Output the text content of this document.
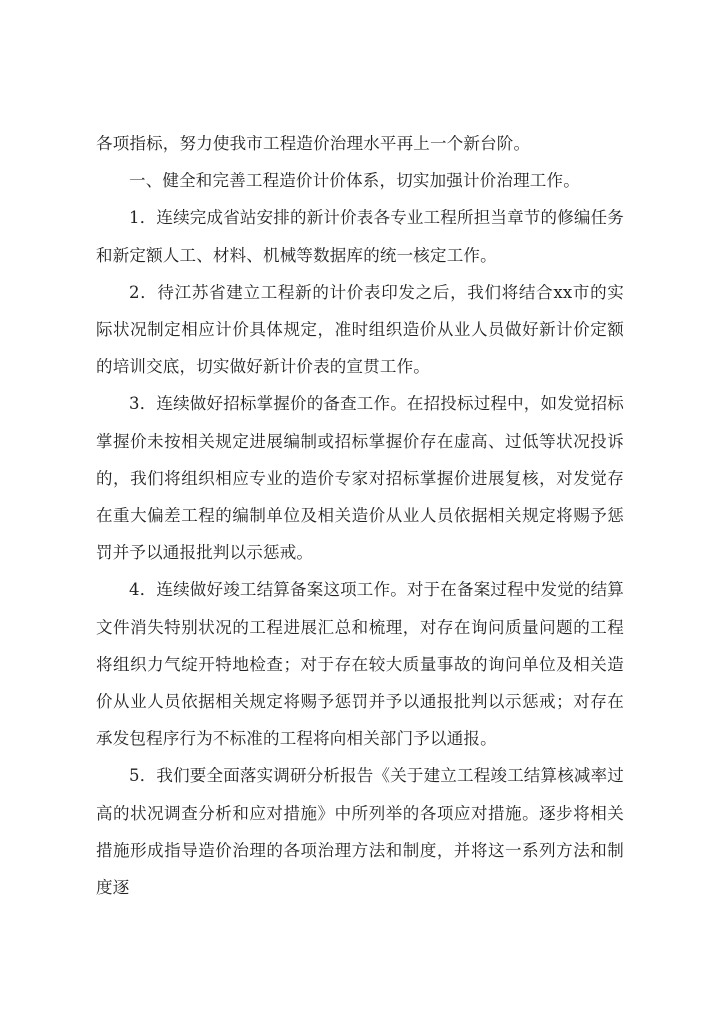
各项指标，努力使我市工程造价治理水平再上一个新台阶。

一、健全和完善工程造价计价体系，切实加强计价治理工作。

1．连续完成省站安排的新计价表各专业工程所担当章节的修编任务和新定额人工、材料、机械等数据库的统一核定工作。

2．待江苏省建立工程新的计价表印发之后，我们将结合xx市的实际状况制定相应计价具体规定，准时组织造价从业人员做好新计价定额的培训交底，切实做好新计价表的宣贯工作。

3．连续做好招标掌握价的备查工作。在招投标过程中，如发觉招标掌握价未按相关规定进展编制或招标掌握价存在虚高、过低等状况投诉的，我们将组织相应专业的造价专家对招标掌握价进展复核，对发觉存在重大偏差工程的编制单位及相关造价从业人员依据相关规定将赐予惩罚并予以通报批判以示惩戒。

4．连续做好竣工结算备案这项工作。对于在备案过程中发觉的结算文件消失特别状况的工程进展汇总和梳理，对存在询问质量问题的工程将组织力气绽开特地检查；对于存在较大质量事故的询问单位及相关造价从业人员依据相关规定将赐予惩罚并予以通报批判以示惩戒；对存在承发包程序行为不标准的工程将向相关部门予以通报。

5．我们要全面落实调研分析报告《关于建立工程竣工结算核减率过高的状况调查分析和应对措施》中所列举的各项应对措施。逐步将相关措施形成指导造价治理的各项治理方法和制度，并将这一系列方法和制度逐
